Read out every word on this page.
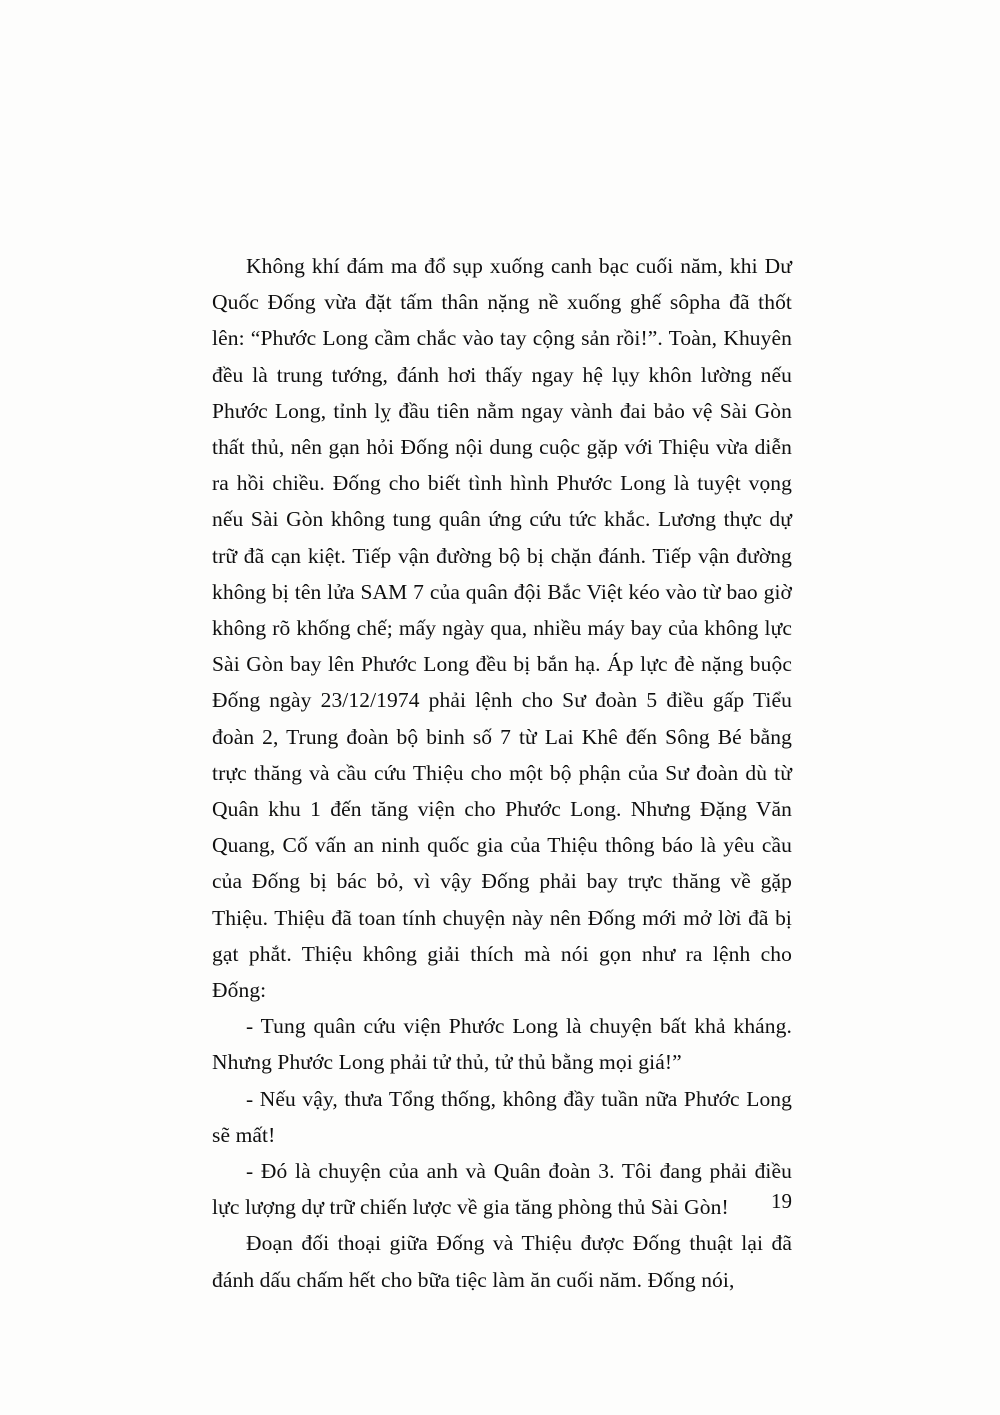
Không khí đám ma đổ sụp xuống canh bạc cuối năm, khi Dư Quốc Đống vừa đặt tấm thân nặng nề xuống ghế sôpha đã thốt lên: “Phước Long cầm chắc vào tay cộng sản rồi!”. Toàn, Khuyên đều là trung tướng, đánh hơi thấy ngay hệ lụy khôn lường nếu Phước Long, tỉnh lỵ đầu tiên nằm ngay vành đai bảo vệ Sài Gòn thất thủ, nên gạn hỏi Đống nội dung cuộc gặp với Thiệu vừa diễn ra hồi chiều. Đống cho biết tình hình Phước Long là tuyệt vọng nếu Sài Gòn không tung quân ứng cứu tức khắc. Lương thực dự trữ đã cạn kiệt. Tiếp vận đường bộ bị chặn đánh. Tiếp vận đường không bị tên lửa SAM 7 của quân đội Bắc Việt kéo vào từ bao giờ không rõ khống chế; mấy ngày qua, nhiều máy bay của không lực Sài Gòn bay lên Phước Long đều bị bắn hạ. Áp lực đè nặng buộc Đống ngày 23/12/1974 phải lệnh cho Sư đoàn 5 điều gấp Tiểu đoàn 2, Trung đoàn bộ binh số 7 từ Lai Khê đến Sông Bé bằng trực thăng và cầu cứu Thiệu cho một bộ phận của Sư đoàn dù từ Quân khu 1 đến tăng viện cho Phước Long. Nhưng Đặng Văn Quang, Cố vấn an ninh quốc gia của Thiệu thông báo là yêu cầu của Đống bị bác bỏ, vì vậy Đống phải bay trực thăng về gặp Thiệu. Thiệu đã toan tính chuyện này nên Đống mới mở lời đã bị gạt phắt. Thiệu không giải thích mà nói gọn như ra lệnh cho Đống:

- Tung quân cứu viện Phước Long là chuyện bất khả kháng. Nhưng Phước Long phải tử thủ, tử thủ bằng mọi giá!”

- Nếu vậy, thưa Tổng thống, không đầy tuần nữa Phước Long sẽ mất!

- Đó là chuyện của anh và Quân đoàn 3. Tôi đang phải điều lực lượng dự trữ chiến lược về gia tăng phòng thủ Sài Gòn!

Đoạn đối thoại giữa Đống và Thiệu được Đống thuật lại đã đánh dấu chấm hết cho bữa tiệc làm ăn cuối năm. Đống nói,

19
